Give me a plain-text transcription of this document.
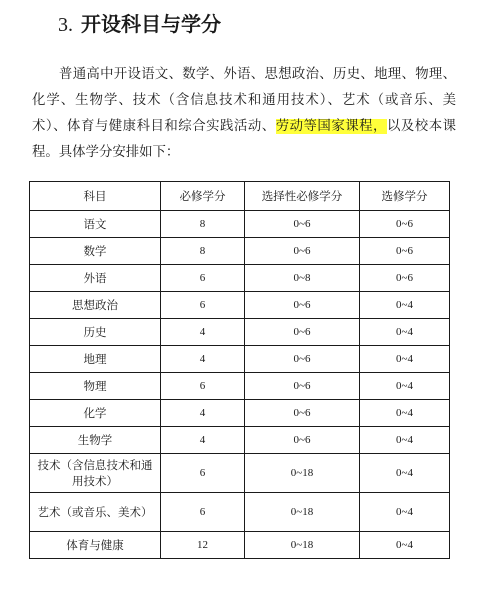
3. 开设科目与学分

普通高中开设语文、数学、外语、思想政治、历史、地理、物理、化学、生物学、技术（含信息技术和通用技术）、艺术（或音乐、美术）、体育与健康科目和综合实践活动、劳动等国家课程，以及校本课程。具体学分安排如下：

科目	必修学分	选择性必修学分	选修学分
语文	8	0~6	0~6
数学	8	0~6	0~6
外语	6	0~8	0~6
思想政治	6	0~6	0~4
历史	4	0~6	0~4
地理	4	0~6	0~4
物理	6	0~6	0~4
化学	4	0~6	0~4
生物学	4	0~6	0~4
技术（含信息技术和通用技术）	6	0~18	0~4
艺术（或音乐、美术）	6	0~18	0~4
体育与健康	12	0~18	0~4
